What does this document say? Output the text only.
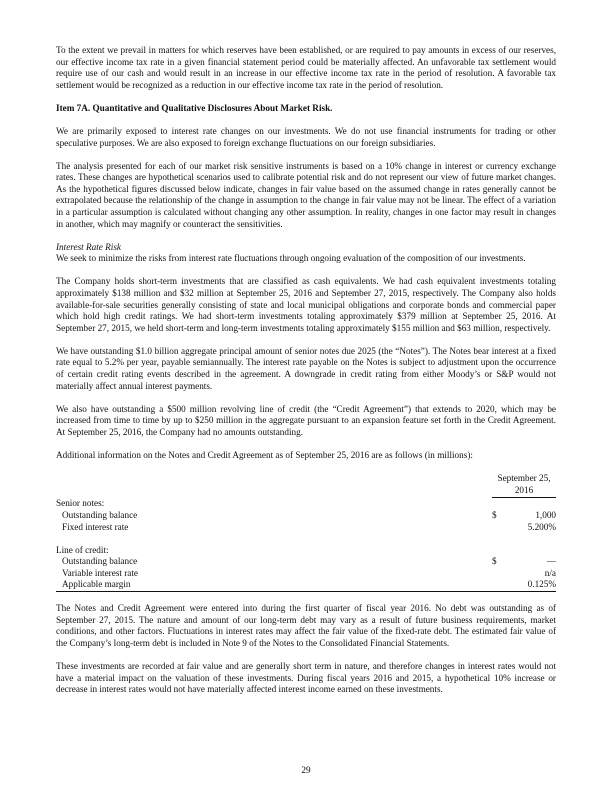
To the extent we prevail in matters for which reserves have been established, or are required to pay amounts in excess of our reserves, our effective income tax rate in a given financial statement period could be materially affected. An unfavorable tax settlement would require use of our cash and would result in an increase in our effective income tax rate in the period of resolution. A favorable tax settlement would be recognized as a reduction in our effective income tax rate in the period of resolution.

Item 7A. Quantitative and Qualitative Disclosures About Market Risk.

We are primarily exposed to interest rate changes on our investments. We do not use financial instruments for trading or other speculative purposes. We are also exposed to foreign exchange fluctuations on our foreign subsidiaries.

The analysis presented for each of our market risk sensitive instruments is based on a 10% change in interest or currency exchange rates. These changes are hypothetical scenarios used to calibrate potential risk and do not represent our view of future market changes. As the hypothetical figures discussed below indicate, changes in fair value based on the assumed change in rates generally cannot be extrapolated because the relationship of the change in assumption to the change in fair value may not be linear. The effect of a variation in a particular assumption is calculated without changing any other assumption. In reality, changes in one factor may result in changes in another, which may magnify or counteract the sensitivities.

Interest Rate Risk

We seek to minimize the risks from interest rate fluctuations through ongoing evaluation of the composition of our investments.

The Company holds short-term investments that are classified as cash equivalents. We had cash equivalent investments totaling approximately $138 million and $32 million at September 25, 2016 and September 27, 2015, respectively. The Company also holds available-for-sale securities generally consisting of state and local municipal obligations and corporate bonds and commercial paper which hold high credit ratings. We had short-term investments totaling approximately $379 million at September 25, 2016. At September 27, 2015, we held short-term and long-term investments totaling approximately $155 million and $63 million, respectively.

We have outstanding $1.0 billion aggregate principal amount of senior notes due 2025 (the “Notes”). The Notes bear interest at a fixed rate equal to 5.2% per year, payable semiannually. The interest rate payable on the Notes is subject to adjustment upon the occurrence of certain credit rating events described in the agreement. A downgrade in credit rating from either Moody’s or S&P would not materially affect annual interest payments.

We also have outstanding a $500 million revolving line of credit (the “Credit Agreement”) that extends to 2020, which may be increased from time to time by up to $250 million in the aggregate pursuant to an expansion feature set forth in the Credit Agreement. At September 25, 2016, the Company had no amounts outstanding.

Additional information on the Notes and Credit Agreement as of September 25, 2016 are as follows (in millions):

	September 25,
2016	
Senior notes:		
Outstanding balance	$	1,000
Fixed interest rate		5.200%

Line of credit:		
Outstanding balance	$	—
Variable interest rate		n/a
Applicable margin		0.125%

The Notes and Credit Agreement were entered into during the first quarter of fiscal year 2016. No debt was outstanding as of September 27, 2015. The nature and amount of our long-term debt may vary as a result of future business requirements, market conditions, and other factors. Fluctuations in interest rates may affect the fair value of the fixed-rate debt. The estimated fair value of the Company’s long-term debt is included in Note 9 of the Notes to the Consolidated Financial Statements.

These investments are recorded at fair value and are generally short term in nature, and therefore changes in interest rates would not have a material impact on the valuation of these investments. During fiscal years 2016 and 2015, a hypothetical 10% increase or decrease in interest rates would not have materially affected interest income earned on these investments.

29
